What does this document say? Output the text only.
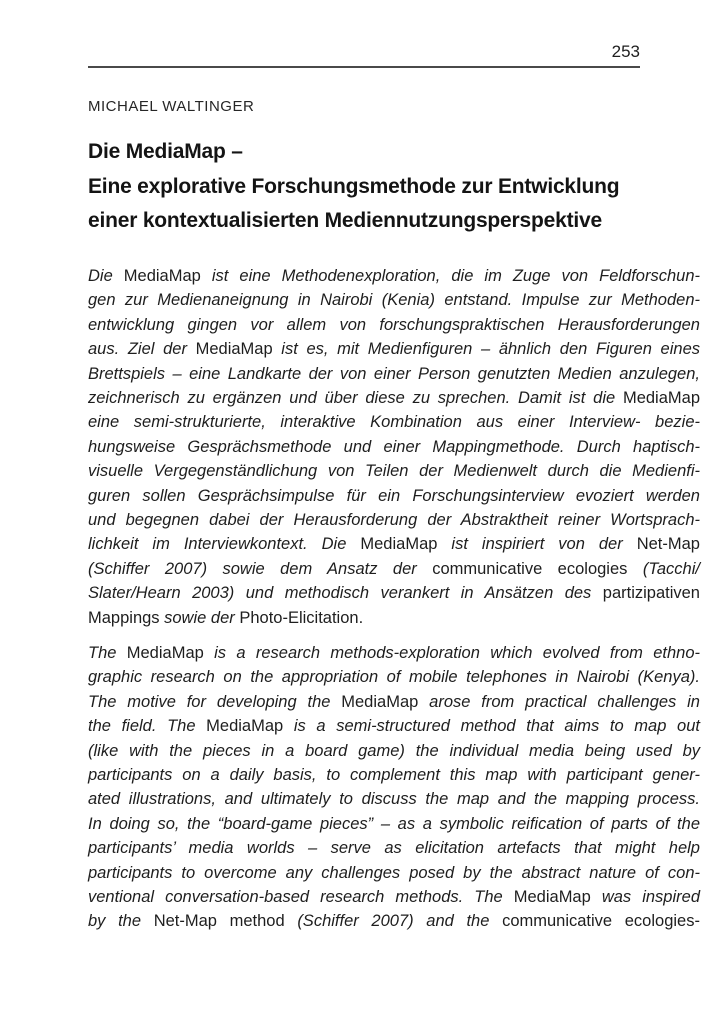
253
MICHAEL WALTINGER
Die MediaMap –
Eine explorative Forschungsmethode zur Entwicklung
einer kontextualisierten Mediennutzungsperspektive
Die MediaMap ist eine Methodenexploration, die im Zuge von Feldforschun-
gen zur Medienaneignung in Nairobi (Kenia) entstand. Impulse zur Methoden-
entwicklung gingen vor allem von forschungspraktischen Herausforderungen
aus. Ziel der MediaMap ist es, mit Medienfiguren – ähnlich den Figuren eines
Brettspiels – eine Landkarte der von einer Person genutzten Medien anzulegen,
zeichnerisch zu ergänzen und über diese zu sprechen. Damit ist die MediaMap
eine semi-strukturierte, interaktive Kombination aus einer Interview- bezie-
hungsweise Gesprächsmethode und einer Mappingmethode. Durch haptisch-
visuelle Vergegenständlichung von Teilen der Medienwelt durch die Medienfi-
guren sollen Gesprächsimpulse für ein Forschungsinterview evoziert werden
und begegnen dabei der Herausforderung der Abstraktheit reiner Wortsprach-
lichkeit im Interviewkontext. Die MediaMap ist inspiriert von der Net-Map
(Schiffer 2007) sowie dem Ansatz der communicative ecologies (Tacchi/
Slater/Hearn 2003) und methodisch verankert in Ansätzen des partizipativen
Mappings sowie der Photo-Elicitation.
The MediaMap is a research methods-exploration which evolved from ethno-
graphic research on the appropriation of mobile telephones in Nairobi (Kenya).
The motive for developing the MediaMap arose from practical challenges in
the field. The MediaMap is a semi-structured method that aims to map out
(like with the pieces in a board game) the individual media being used by
participants on a daily basis, to complement this map with participant gener-
ated illustrations, and ultimately to discuss the map and the mapping process.
In doing so, the “board-game pieces” – as a symbolic reification of parts of the
participants’ media worlds – serve as elicitation artefacts that might help
participants to overcome any challenges posed by the abstract nature of con-
ventional conversation-based research methods. The MediaMap was inspired
by the Net-Map method (Schiffer 2007) and the communicative ecologies-
